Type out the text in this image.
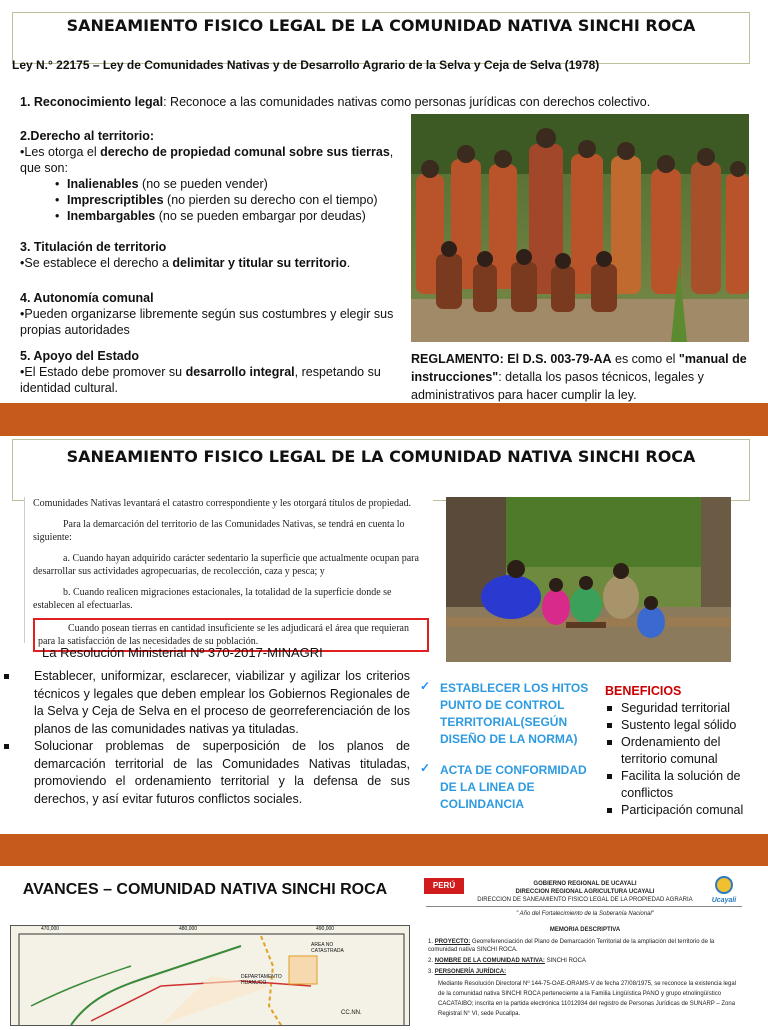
SANEAMIENTO FISICO LEGAL DE LA COMUNIDAD NATIVA SINCHI ROCA
Ley N.° 22175 – Ley de Comunidades Nativas y de Desarrollo Agrario de la Selva y Ceja de Selva (1978)
1. Reconocimiento legal: Reconoce a las comunidades nativas como personas jurídicas con derechos colectivo.
2.Derecho al territorio:
•Les otorga el derecho de propiedad comunal sobre sus tierras, que son:
• Inalienables (no se pueden vender)
• Imprescriptibles (no pierden su derecho con el tiempo)
• Inembargables (no se pueden embargar por deudas)
3. Titulación de territorio
•Se establece el derecho a delimitar y titular su territorio.
4. Autonomía comunal
•Pueden organizarse libremente según sus costumbres y elegir sus propias autoridades
5. Apoyo del Estado
•El Estado debe promover su desarrollo integral, respetando su identidad cultural.
REGLAMENTO: El D.S. 003-79-AA es como el "manual de instrucciones": detalla los pasos técnicos, legales y administrativos para hacer cumplir la ley.
SANEAMIENTO FISICO LEGAL DE LA COMUNIDAD NATIVA SINCHI ROCA
Comunidades Nativas levantará el catastro correspondiente y les otorgará títulos de propiedad.
Para la demarcación del territorio de las Comunidades Nativas, se tendrá en cuenta lo siguiente:
a. Cuando hayan adquirido carácter sedentario la superficie que actualmente ocupan para desarrollar sus actividades agropecuarias, de recolección, caza y pesca; y
b. Cuando realicen migraciones estacionales, la totalidad de la superficie donde se establecen al efectuarlas.
Cuando posean tierras en cantidad insuficiente se les adjudicará el área que requieran para la satisfacción de las necesidades de su población.
La Resolución Ministerial Nº 370-2017-MINAGRI
Establecer, uniformizar, esclarecer, viabilizar y agilizar los criterios técnicos y legales que deben emplear los Gobiernos Regionales de la Selva y Ceja de Selva en el proceso de georreferenciación de los planos de las comunidades nativas ya tituladas.
Solucionar problemas de superposición de los planos de demarcación territorial de las Comunidades Nativas tituladas, promoviendo el ordenamiento territorial y la defensa de sus derechos, y así evitar futuros conflictos sociales.
✓ ESTABLECER LOS HITOS PUNTO DE CONTROL TERRITORIAL(SEGÚN DISEÑO DE LA NORMA)
✓ ACTA DE CONFORMIDAD DE LA LINEA DE COLINDANCIA
BENEFICIOS
Seguridad territorial
Sustento legal sólido
Ordenamiento del territorio comunal
Facilita la solución de conflictos
Participación comunal
AVANCES – COMUNIDAD NATIVA SINCHI ROCA
470,000	480,000	490,000
AREA NO CATASTRADA
DEPARTAMENTO HUANUCO
CC.NN.
PERÚ	GOBIERNO REGIONAL DE UCAYALI
DIRECCION REGIONAL AGRICULTURA UCAYALI
DIRECCION DE SANEAMIENTO FISICO LEGAL DE LA PROPIEDAD AGRARIA	Ucayali
" Año del Fortalecimiento de la Soberanía Nacional"
MEMORIA DESCRIPTIVA
1. PROYECTO: Georreferenciación del Plano de Demarcación Territorial de la ampliación del territorio de la comunidad nativa SINCHI ROCA.
2. NOMBRE DE LA COMUNIDAD NATIVA: SINCHI ROCA
3. PERSONERÍA JURÍDICA:
Mediante Resolución Directoral Nº 144-75-OAE-ORAMS-V de fecha 27/08/1975, se reconoce la existencia legal de la comunidad nativa SINCHI ROCA perteneciente a la Familia Lingüística PANO y grupo etnolingüístico CACATAIBO; inscrita en la partida electrónica 11012934 del registro de Personas Jurídicas de SUNARP – Zona Registral N° VI, sede Pucallpa.
